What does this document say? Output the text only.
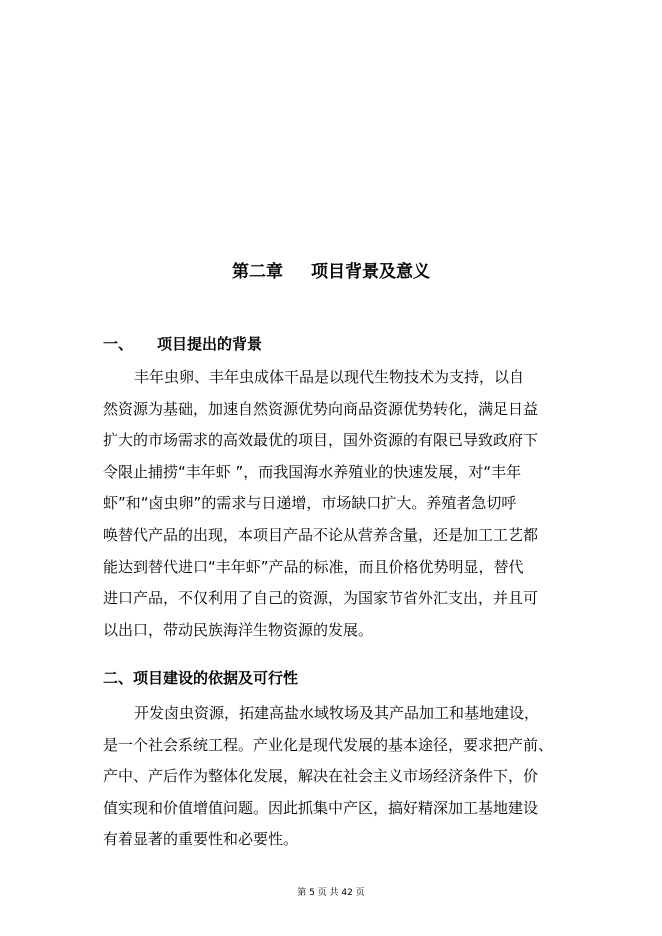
第二章 项目背景及意义
一、 项目提出的背景
丰年虫卵、丰年虫成体干品是以现代生物技术为支持，以自
然资源为基础，加速自然资源优势向商品资源优势转化，满足日益
扩大的市场需求的高效最优的项目，国外资源的有限已导致政府下
令限止捕捞“丰年虾 ”，而我国海水养殖业的快速发展，对“丰年
虾”和“卤虫卵”的需求与日递增，市场缺口扩大。养殖者急切呼
唤替代产品的出现，本项目产品不论从营养含量，还是加工工艺都
能达到替代进口“丰年虾”产品的标准，而且价格优势明显，替代
进口产品，不仅利用了自己的资源，为国家节省外汇支出，并且可
以出口，带动民族海洋生物资源的发展。
二、项目建设的依据及可行性
开发卤虫资源，拓建高盐水域牧场及其产品加工和基地建设，
是一个社会系统工程。产业化是现代发展的基本途径，要求把产前、
产中、产后作为整体化发展，解决在社会主义市场经济条件下，价
值实现和价值增值问题。因此抓集中产区，搞好精深加工基地建设
有着显著的重要性和必要性。
第 5 页 共 42 页
